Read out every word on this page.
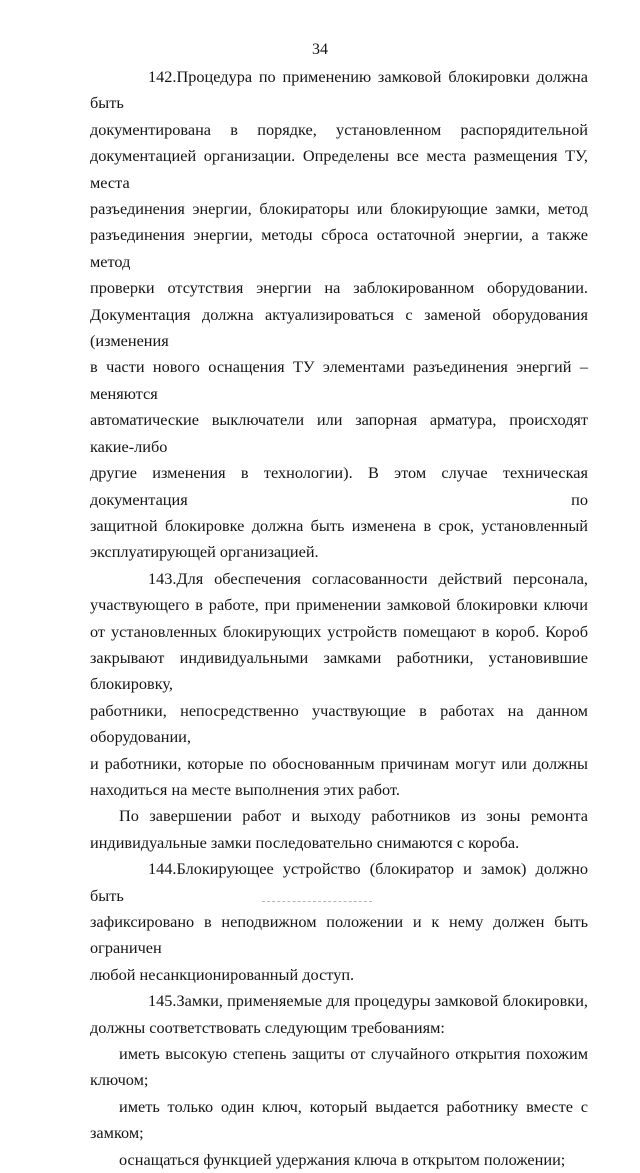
34

142.Процедура по применению замковой блокировки должна быть
документирована в порядке, установленном распорядительной
документацией организации. Определены все места размещения ТУ, места
разъединения энергии, блокираторы или блокирующие замки, метод
разъединения энергии, методы сброса остаточной энергии, а также метод
проверки отсутствия энергии на заблокированном оборудовании.
Документация должна актуализироваться с заменой оборудования (изменения
в части нового оснащения ТУ элементами разъединения энергий – меняются
автоматические выключатели или запорная арматура, происходят какие-либо
другие изменения в технологии). В этом случае техническая документация по
защитной блокировке должна быть изменена в срок, установленный
эксплуатирующей организацией.

143.Для обеспечения согласованности действий персонала,
участвующего в работе, при применении замковой блокировки ключи
от установленных блокирующих устройств помещают в короб. Короб
закрывают индивидуальными замками работники, установившие блокировку,
работники, непосредственно участвующие в работах на данном оборудовании,
и работники, которые по обоснованным причинам могут или должны
находиться на месте выполнения этих работ.

По завершении работ и выходу работников из зоны ремонта
индивидуальные замки последовательно снимаются с короба.

144.Блокирующее устройство (блокиратор и замок) должно быть
зафиксировано в неподвижном положении и к нему должен быть ограничен
любой несанкционированный доступ.

145.Замки, применяемые для процедуры замковой блокировки,
должны соответствовать следующим требованиям:

иметь высокую степень защиты от случайного открытия похожим
ключом;

иметь только один ключ, который выдается работнику вместе с замком;

оснащаться функцией удержания ключа в открытом положении;
